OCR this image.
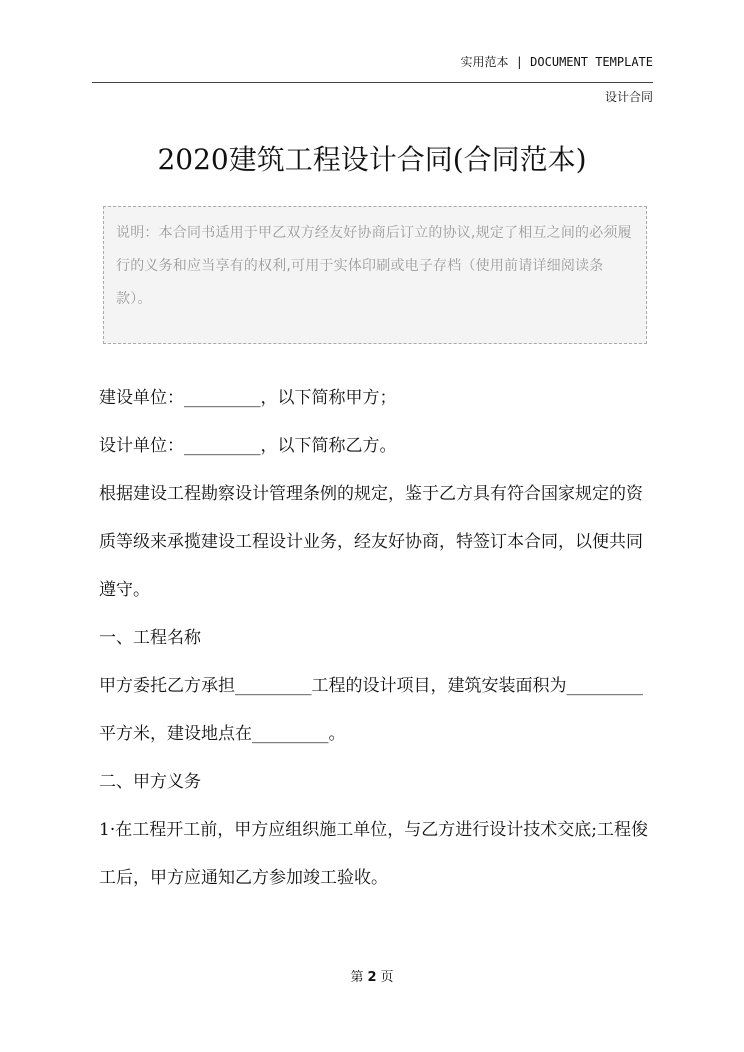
实用范本 | DOCUMENT TEMPLATE
设计合同
2020建筑工程设计合同(合同范本)
说明：本合同书适用于甲乙双方经友好协商后订立的协议,规定了相互之间的必须履行的义务和应当享有的权利,可用于实体印刷或电子存档（使用前请详细阅读条款）。

建设单位：_________，以下简称甲方；

设计单位：_________，以下简称乙方。

根据建设工程勘察设计管理条例的规定，鉴于乙方具有符合国家规定的资质等级来承揽建设工程设计业务，经友好协商，特签订本合同，以便共同遵守。

一、工程名称

甲方委托乙方承担_________工程的设计项目，建筑安装面积为_________平方米，建设地点在_________。

二、甲方义务

1·在工程开工前，甲方应组织施工单位，与乙方进行设计技术交底;工程俊工后，甲方应通知乙方参加竣工验收。

第 2 页
